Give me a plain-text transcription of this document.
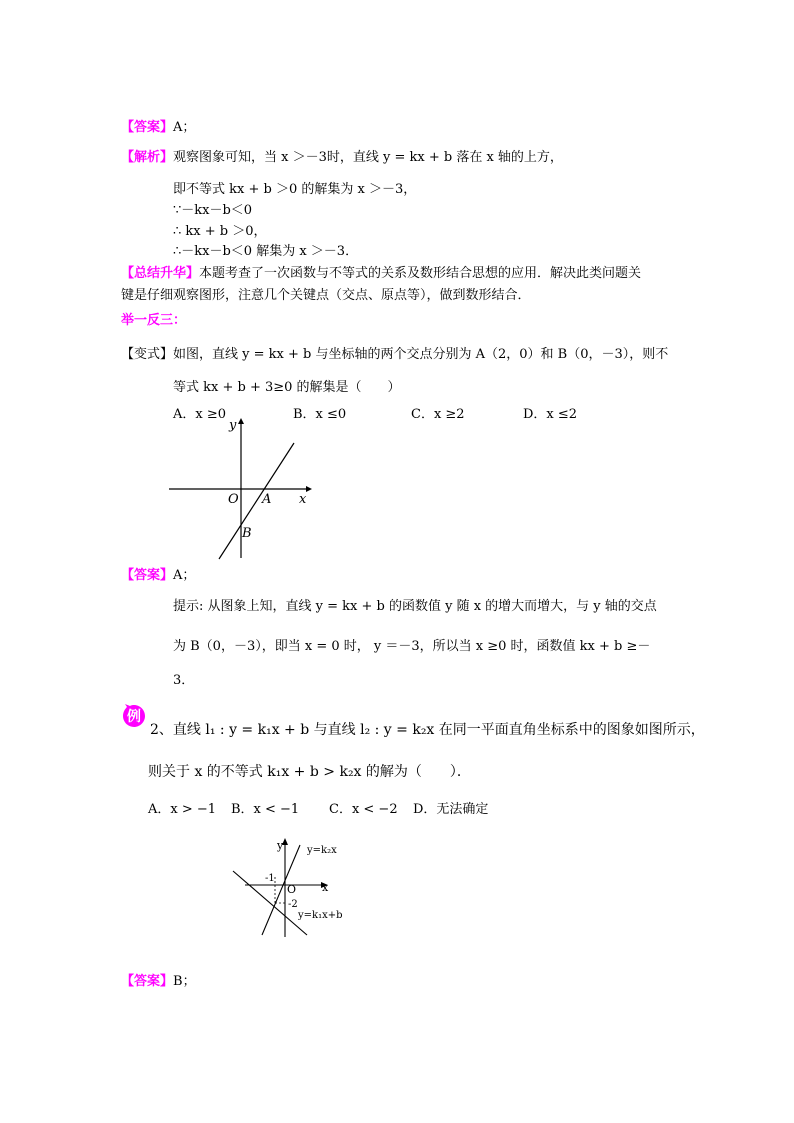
【答案】A；
【解析】观察图象可知，当 x ＞－3时，直线 y = kx + b 落在 x 轴的上方，
即不等式 kx + b ＞0 的解集为 x ＞－3，
∵－kx－b＜0
∴ kx + b ＞0，
∴－kx－b＜0 解集为 x ＞－3．
【总结升华】本题考查了一次函数与不等式的关系及数形结合思想的应用．解决此类问题关
键是仔细观察图形，注意几个关键点（交点、原点等），做到数形结合．
举一反三：
【变式】如图，直线 y = kx + b 与坐标轴的两个交点分别为 A（2，0）和 B（0，－3），则不
等式 kx + b + 3≥0 的解集是（　　）
A．x ≥0	B．x ≤0	C．x ≥2	D．x ≤2
y
x
O A
B
【答案】A；
提示: 从图象上知，直线 y = kx + b 的函数值 y 随 x 的增大而增大，与 y 轴的交点
为 B（0，－3），即当 x = 0 时， y ＝－3，所以当 x ≥0 时，函数值 kx + b ≥－
3．
例
2、直线 l₁ : y = k₁x + b 与直线 l₂ : y = k₂x 在同一平面直角坐标系中的图象如图所示，
则关于 x 的不等式 k₁x + b > k₂x 的解为（　　）．
A．x > −1 B．x < −1 C．x < −2 D．无法确定
y=k₂x
y=k₁x+b
y
x
O
-1
-2
【答案】B；
